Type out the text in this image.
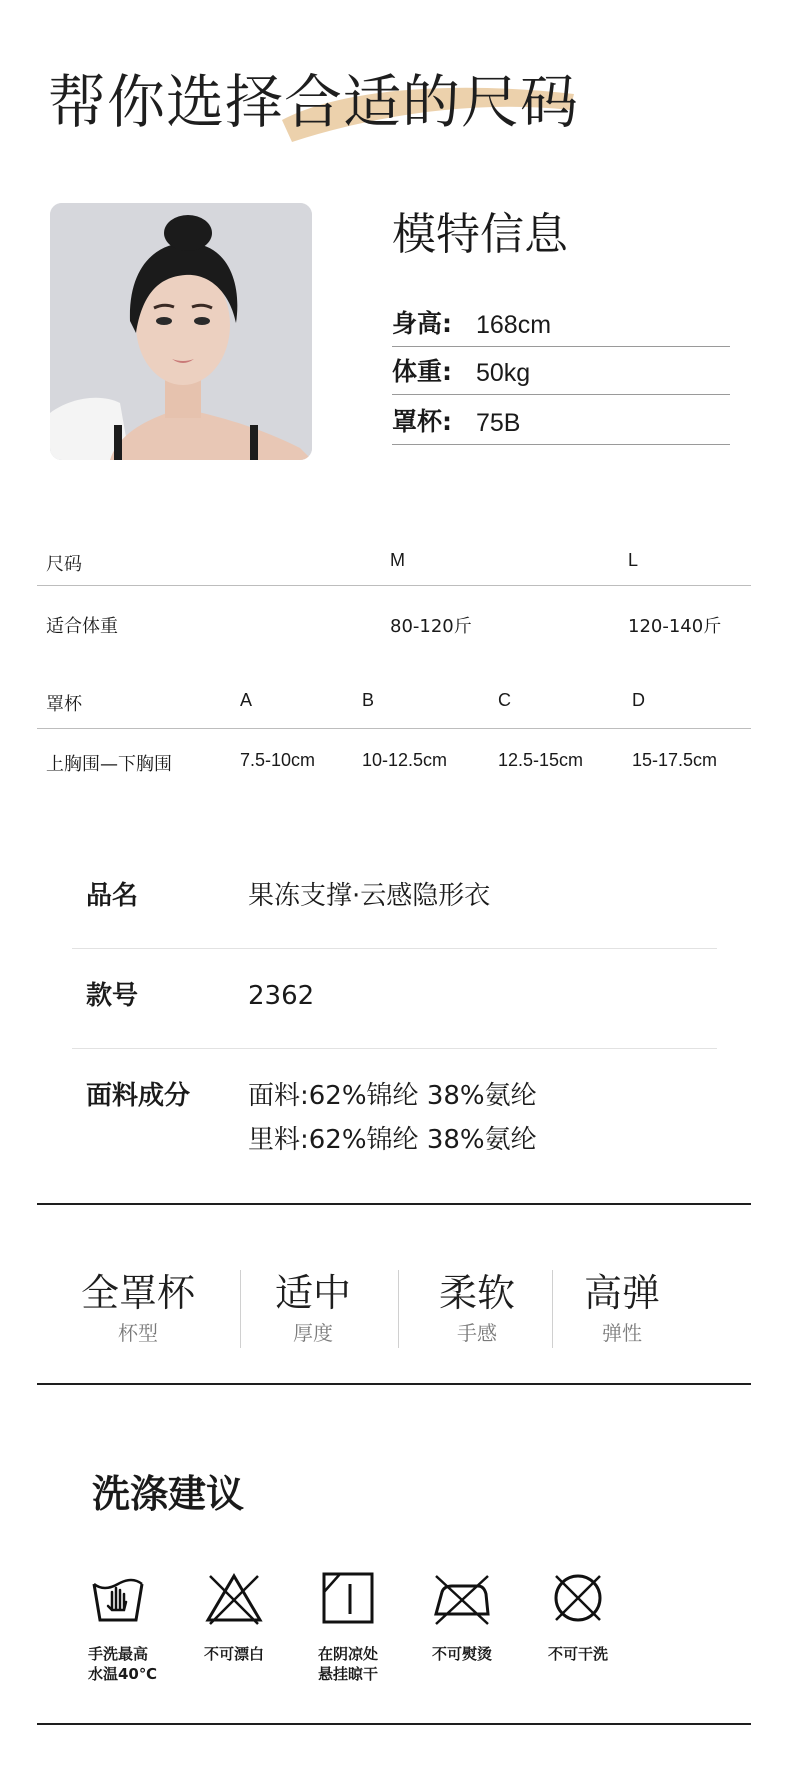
帮你选择合适的尺码
模特信息
身高: 168cm
体重: 50kg
罩杯: 75B
尺码	M	L
适合体重	80-120斤	120-140斤
罩杯	A	B	C	D
上胸围—下胸围	7.5-10cm	10-12.5cm	12.5-15cm	15-17.5cm
品名	果冻支撑·云感隐形衣
款号	2362
面料成分 面料:62%锦纶 38%氨纶
里料:62%锦纶 38%氨纶
全罩杯
杯型
适中
厚度
柔软
手感
高弹
弹性
洗涤建议
手洗最高
水温40℃
不可漂白	在阴凉处
悬挂晾干
不可熨烫	不可干洗
